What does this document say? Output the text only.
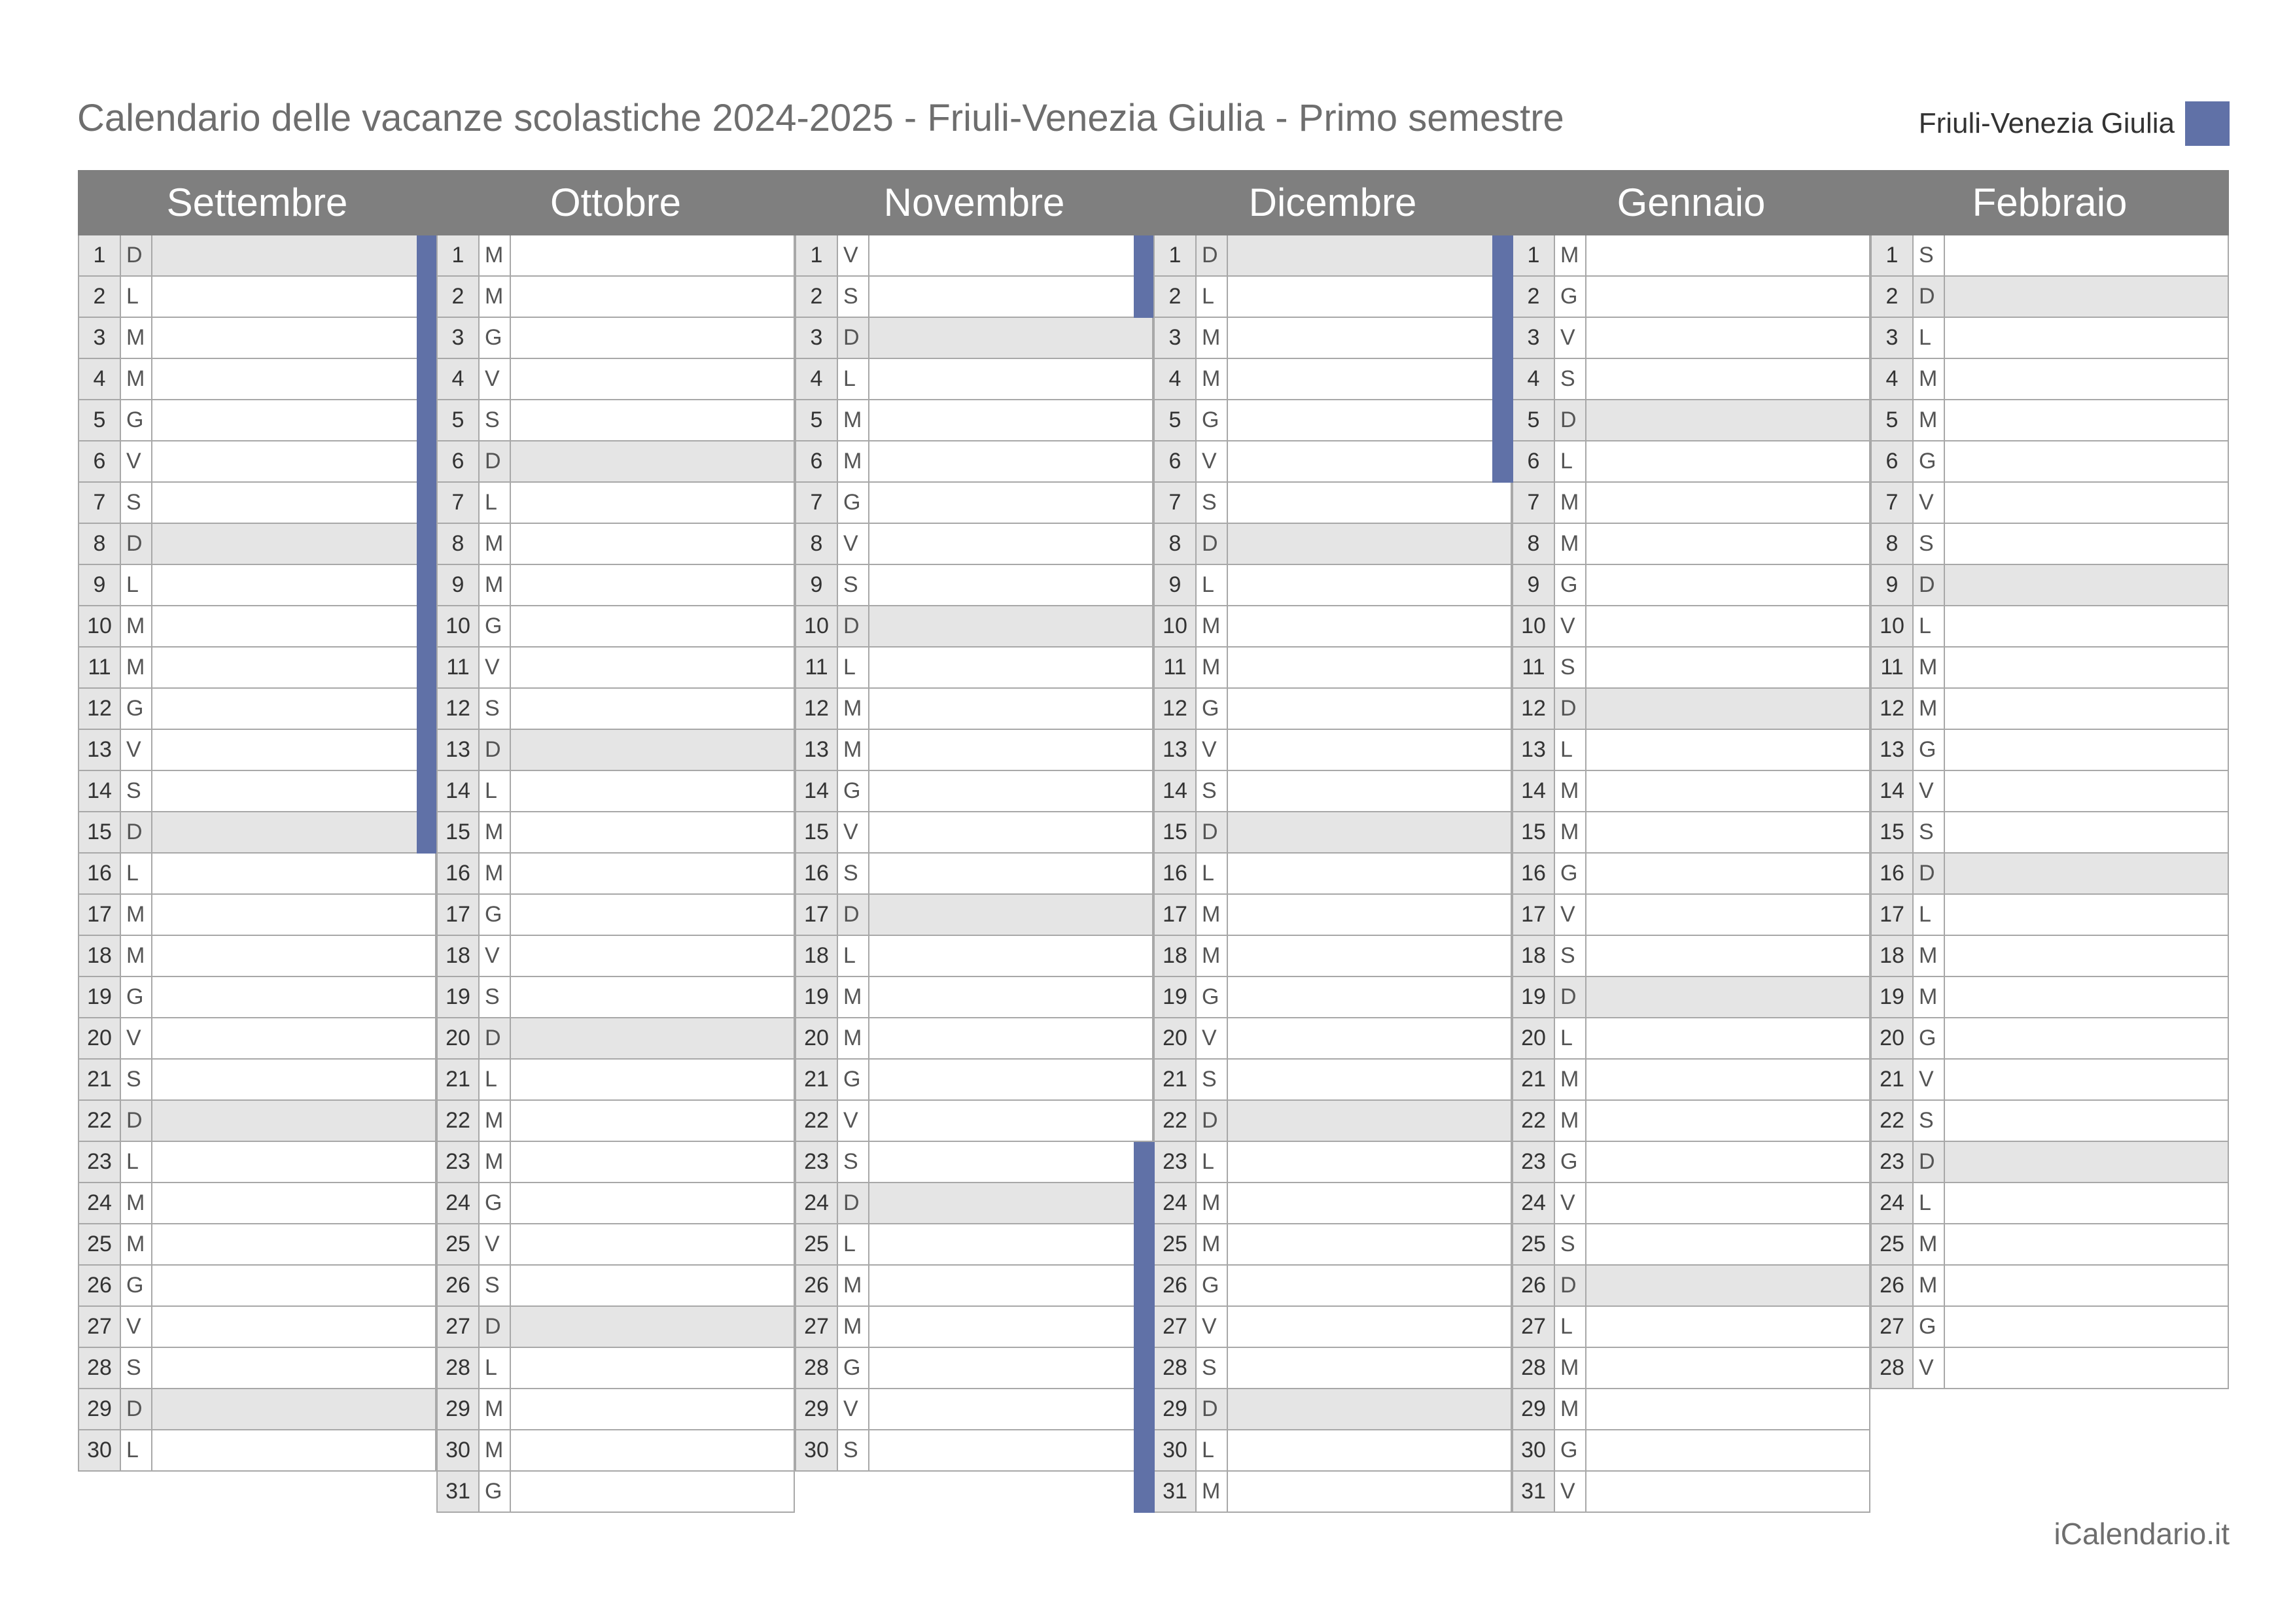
Calendario delle vacanze scolastiche 2024-2025 - Friuli-Venezia Giulia - Primo semestre	Friuli-Venezia Giulia
Settembre
1 D
2 L
3 M
4 M
5 G
6 V
7 S
8 D
9 L
10 M
11 M
12 G
13 V
14 S
15 D
16 L
17 M
18 M
19 G
20 V
21 S
22 D
23 L
24 M
25 M
26 G
27 V
28 S
29 D
30 L
Ottobre
1 M
2 M
3 G
4 V
5 S
6 D
7 L
8 M
9 M
10 G
11 V
12 S
13 D
14 L
15 M
16 M
17 G
18 V
19 S
20 D
21 L
22 M
23 M
24 G
25 V
26 S
27 D
28 L
29 M
30 M
31 G
Novembre
1 V
2 S
3 D
4 L
5 M
6 M
7 G
8 V
9 S
10 D
11 L
12 M
13 M
14 G
15 V
16 S
17 D
18 L
19 M
20 M
21 G
22 V
23 S
24 D
25 L
26 M
27 M
28 G
29 V
30 S
Dicembre
1 D
2 L
3 M
4 M
5 G
6 V
7 S
8 D
9 L
10 M
11 M
12 G
13 V
14 S
15 D
16 L
17 M
18 M
19 G
20 V
21 S
22 D
23 L
24 M
25 M
26 G
27 V
28 S
29 D
30 L
31 M
Gennaio
1 M
2 G
3 V
4 S
5 D
6 L
7 M
8 M
9 G
10 V
11 S
12 D
13 L
14 M
15 M
16 G
17 V
18 S
19 D
20 L
21 M
22 M
23 G
24 V
25 S
26 D
27 L
28 M
29 M
30 G
31 V
Febbraio
1 S
2 D
3 L
4 M
5 M
6 G
7 V
8 S
9 D
10 L
11 M
12 M
13 G
14 V
15 S
16 D
17 L
18 M
19 M
20 G
21 V
22 S
23 D
24 L
25 M
26 M
27 G
28 V
iCalendario.it
